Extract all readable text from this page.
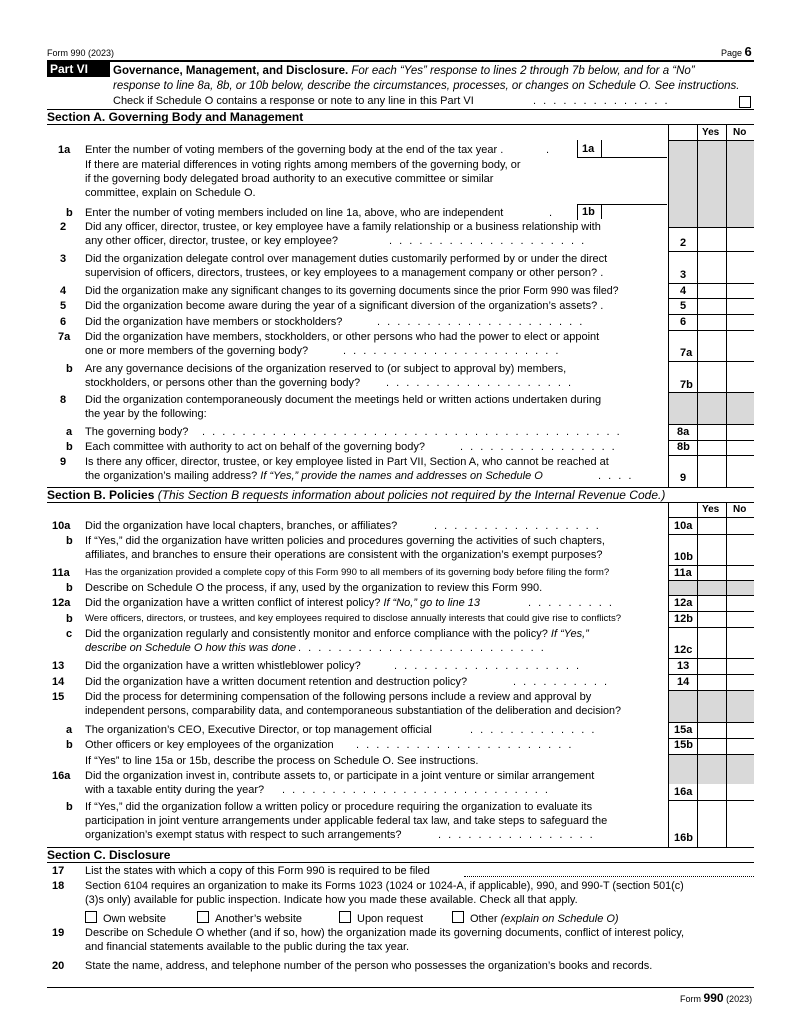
Form 990 (2023)	Page 6
Part VI	Governance, Management, and Disclosure. For each “Yes” response to lines 2 through 7b below, and for a “No”
response to line 8a, 8b, or 10b below, describe the circumstances, processes, or changes on Schedule O. See instructions.
Check if Schedule O contains a response or note to any line in this Part VI	. . . . . . . . . . . . . .
Section A. Governing Body and Management
Yes No
1a Enter the number of voting members of the governing body at the end of the tax year .	.	1a
If there are material differences in voting rights among members of the governing body, or
if the governing body delegated broad authority to an executive committee or similar
committee, explain on Schedule O.
b Enter the number of voting members included on line 1a, above, who are independent	.	1b
2 Did any officer, director, trustee, or key employee have a family relationship or a business relationship with
any other officer, director, trustee, or key employee?	. . . . . . . . . . . . . . . . . . . .	2
3 Did the organization delegate control over management duties customarily performed by or under the direct
supervision of officers, directors, trustees, or key employees to a management company or other person? .	3
4 Did the organization make any significant changes to its governing documents since the prior Form 990 was filed?	4
5 Did the organization become aware during the year of a significant diversion of the organization’s assets? .	5
6 Did the organization have members or stockholders?	. . . . . . . . . . . . . . . . . . . . .	6
7a Did the organization have members, stockholders, or other persons who had the power to elect or appoint
one or more members of the governing body?	. . . . . . . . . . . . . . . . . . . . . .	7a
b Are any governance decisions of the organization reserved to (or subject to approval by) members,
stockholders, or persons other than the governing body? . . . . . . . . . . . . . . . . . . .	7b
8 Did the organization contemporaneously document the meetings held or written actions undertaken during
the year by the following:
a The governing body? . . . . . . . . . . . . . . . . . . . . . . . . . . . . . . . . . . . . . . . . . .	8a
b Each committee with authority to act on behalf of the governing body?	. . . . . . . . . . . . . . . .	8b
9 Is there any officer, director, trustee, or key employee listed in Part VII, Section A, who cannot be reached at
the organization’s mailing address? If “Yes,” provide the names and addresses on Schedule O	. . . .	9
Section B. Policies (This Section B requests information about policies not required by the Internal Revenue Code.)
Yes No
10a Did the organization have local chapters, branches, or affiliates?	. . . . . . . . . . . . . . . . .	10a
b If “Yes,” did the organization have written policies and procedures governing the activities of such chapters,
affiliates, and branches to ensure their operations are consistent with the organization’s exempt purposes?	10b
11a Has the organization provided a complete copy of this Form 990 to all members of its governing body before filing the form?	11a
b Describe on Schedule O the process, if any, used by the organization to review this Form 990.
12a Did the organization have a written conflict of interest policy? If “No,” go to line 13	. . . . . . . . .	12a
b Were officers, directors, or trustees, and key employees required to disclose annually interests that could give rise to conflicts?	12b
c Did the organization regularly and consistently monitor and enforce compliance with the policy? If “Yes,”
describe on Schedule O how this was done . . . . . . . . . . . . . . . . . . . . . . . . .	12c
13 Did the organization have a written whistleblower policy?	. . . . . . . . . . . . . . . . . . .	13
14 Did the organization have a written document retention and destruction policy?	. . . . . . . . . .	14
15 Did the process for determining compensation of the following persons include a review and approval by
independent persons, comparability data, and contemporaneous substantiation of the deliberation and decision?
a The organization’s CEO, Executive Director, or top management official	. . . . . . . . . . . . .	15a
b Other officers or key employees of the organization . . . . . . . . . . . . . . . . . . . . . .	15b
If “Yes” to line 15a or 15b, describe the process on Schedule O. See instructions.
16a Did the organization invest in, contribute assets to, or participate in a joint venture or similar arrangement
with a taxable entity during the year? . . . . . . . . . . . . . . . . . . . . . . . . . . .	16a
b If “Yes,” did the organization follow a written policy or procedure requiring the organization to evaluate its
participation in joint venture arrangements under applicable federal tax law, and take steps to safeguard the
organization’s exempt status with respect to such arrangements?	. . . . . . . . . . . . . . . .	16b
Section C. Disclosure
17 List the states with which a copy of this Form 990 is required to be filed
18 Section 6104 requires an organization to make its Forms 1023 (1024 or 1024-A, if applicable), 990, and 990-T (section 501(c)
(3)s only) available for public inspection. Indicate how you made these available. Check all that apply.
Own website	Another’s website	Upon request	Other (explain on Schedule O)
19 Describe on Schedule O whether (and if so, how) the organization made its governing documents, conflict of interest policy,
and financial statements available to the public during the tax year.
20 State the name, address, and telephone number of the person who possesses the organization’s books and records.
Form 990 (2023)
